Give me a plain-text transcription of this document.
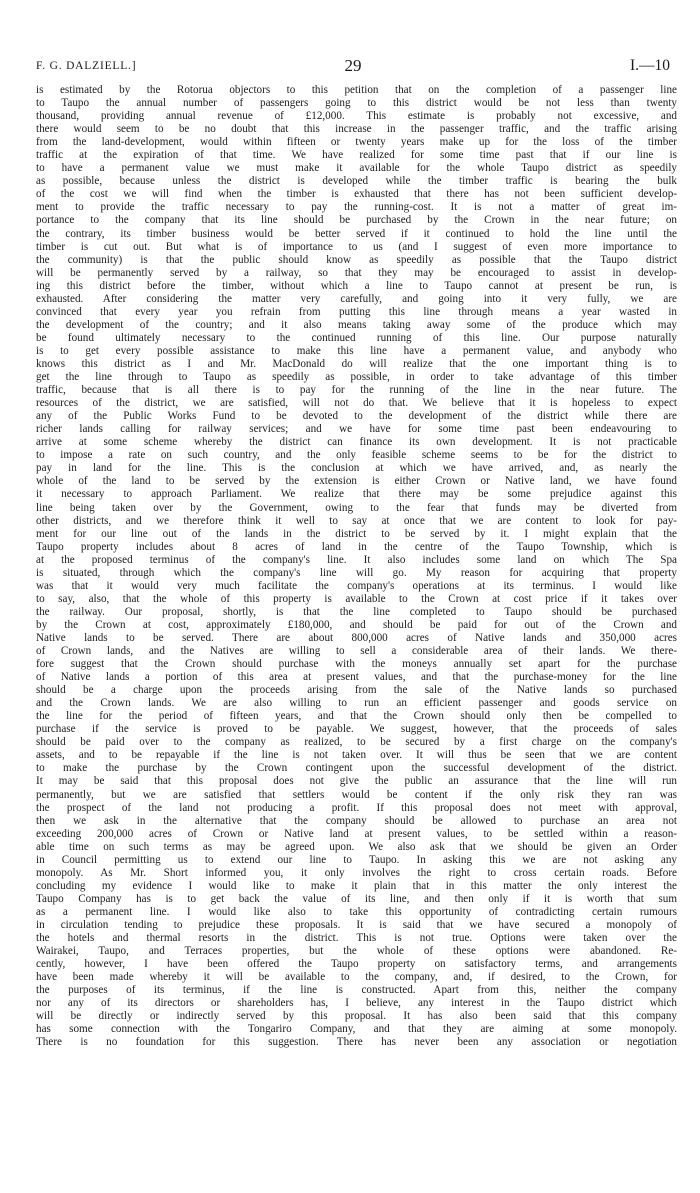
F. G. DALZIELL.]	29	I.—10
is estimated by the Rotorua objectors to this petition that on the completion of a passenger line
to Taupo the annual number of passengers going to this district would be not less than twenty
thousand, providing annual revenue of £12,000. This estimate is probably not excessive, and
there would seem to be no doubt that this increase in the passenger traffic, and the traffic arising
from the land-development, would within fifteen or twenty years make up for the loss of the timber
traffic at the expiration of that time. We have realized for some time past that if our line is
to have a permanent value we must make it available for the whole Taupo district as speedily
as possible, because unless the district is developed while the timber traffic is bearing the bulk
of the cost we will find when the timber is exhausted that there has not been sufficient develop-
ment to provide the traffic necessary to pay the running-cost. It is not a matter of great im-
portance to the company that its line should be purchased by the Crown in the near future; on
the contrary, its timber business would be better served if it continued to hold the line until the
timber is cut out. But what is of importance to us (and I suggest of even more importance to
the community) is that the public should know as speedily as possible that the Taupo district
will be permanently served by a railway, so that they may be encouraged to assist in develop-
ing this district before the timber, without which a line to Taupo cannot at present be run, is
exhausted. After considering the matter very carefully, and going into it very fully, we are
convinced that every year you refrain from putting this line through means a year wasted in
the development of the country; and it also means taking away some of the produce which may
be found ultimately necessary to the continued running of this line. Our purpose naturally
is to get every possible assistance to make this line have a permanent value, and anybody who
knows this district as I and Mr. MacDonald do will realize that the one important thing is to
get the line through to Taupo as speedily as possible, in order to take advantage of this timber
traffic, because that is all there is to pay for the running of the line in the near future. The
resources of the district, we are satisfied, will not do that. We believe that it is hopeless to expect
any of the Public Works Fund to be devoted to the development of the district while there are
richer lands calling for railway services; and we have for some time past been endeavouring to
arrive at some scheme whereby the district can finance its own development. It is not practicable
to impose a rate on such country, and the only feasible scheme seems to be for the district to
pay in land for the line. This is the conclusion at which we have arrived, and, as nearly the
whole of the land to be served by the extension is either Crown or Native land, we have found
it necessary to approach Parliament. We realize that there may be some prejudice against this
line being taken over by the Government, owing to the fear that funds may be diverted from
other districts, and we therefore think it well to say at once that we are content to look for pay-
ment for our line out of the lands in the district to be served by it. I might explain that the
Taupo property includes about 8 acres of land in the centre of the Taupo Township, which is
at the proposed terminus of the company's line. It also includes some land on which The Spa
is situated, through which the company's line will go. My reason for acquiring that property
was that it would very much facilitate the company's operations at its terminus. I would like
to say, also, that the whole of this property is available to the Crown at cost price if it takes over
the railway. Our proposal, shortly, is that the line completed to Taupo should be purchased
by the Crown at cost, approximately £180,000, and should be paid for out of the Crown and
Native lands to be served. There are about 800,000 acres of Native lands and 350,000 acres
of Crown lands, and the Natives are willing to sell a considerable area of their lands. We there-
fore suggest that the Crown should purchase with the moneys annually set apart for the purchase
of Native lands a portion of this area at present values, and that the purchase-money for the line
should be a charge upon the proceeds arising from the sale of the Native lands so purchased
and the Crown lands. We are also willing to run an efficient passenger and goods service on
the line for the period of fifteen years, and that the Crown should only then be compelled to
purchase if the service is proved to be payable. We suggest, however, that the proceeds of sales
should be paid over to the company as realized, to be secured by a first charge on the company's
assets, and to be repayable if the line is not taken over. It will thus be seen that we are content
to make the purchase by the Crown contingent upon the successful development of the district.
It may be said that this proposal does not give the public an assurance that the line will run
permanently, but we are satisfied that settlers would be content if the only risk they ran was
the prospect of the land not producing a profit. If this proposal does not meet with approval,
then we ask in the alternative that the company should be allowed to purchase an area not
exceeding 200,000 acres of Crown or Native land at present values, to be settled within a reason-
able time on such terms as may be agreed upon. We also ask that we should be given an Order
in Council permitting us to extend our line to Taupo. In asking this we are not asking any
monopoly. As Mr. Short informed you, it only involves the right to cross certain roads. Before
concluding my evidence I would like to make it plain that in this matter the only interest the
Taupo Company has is to get back the value of its line, and then only if it is worth that sum
as a permanent line. I would like also to take this opportunity of contradicting certain rumours
in circulation tending to prejudice these proposals. It is said that we have secured a monopoly of
the hotels and thermal resorts in the district. This is not true. Options were taken over the
Wairakei, Taupo, and Terraces properties, but the whole of these options were abandoned. Re-
cently, however, I have been offered the Taupo property on satisfactory terms, and arrangements
have been made whereby it will be available to the company, and, if desired, to the Crown, for
the purposes of its terminus, if the line is constructed. Apart from this, neither the company
nor any of its directors or shareholders has, I believe, any interest in the Taupo district which
will be directly or indirectly served by this proposal. It has also been said that this company
has some connection with the Tongariro Company, and that they are aiming at some monopoly.
There is no foundation for this suggestion. There has never been any association or negotiation
